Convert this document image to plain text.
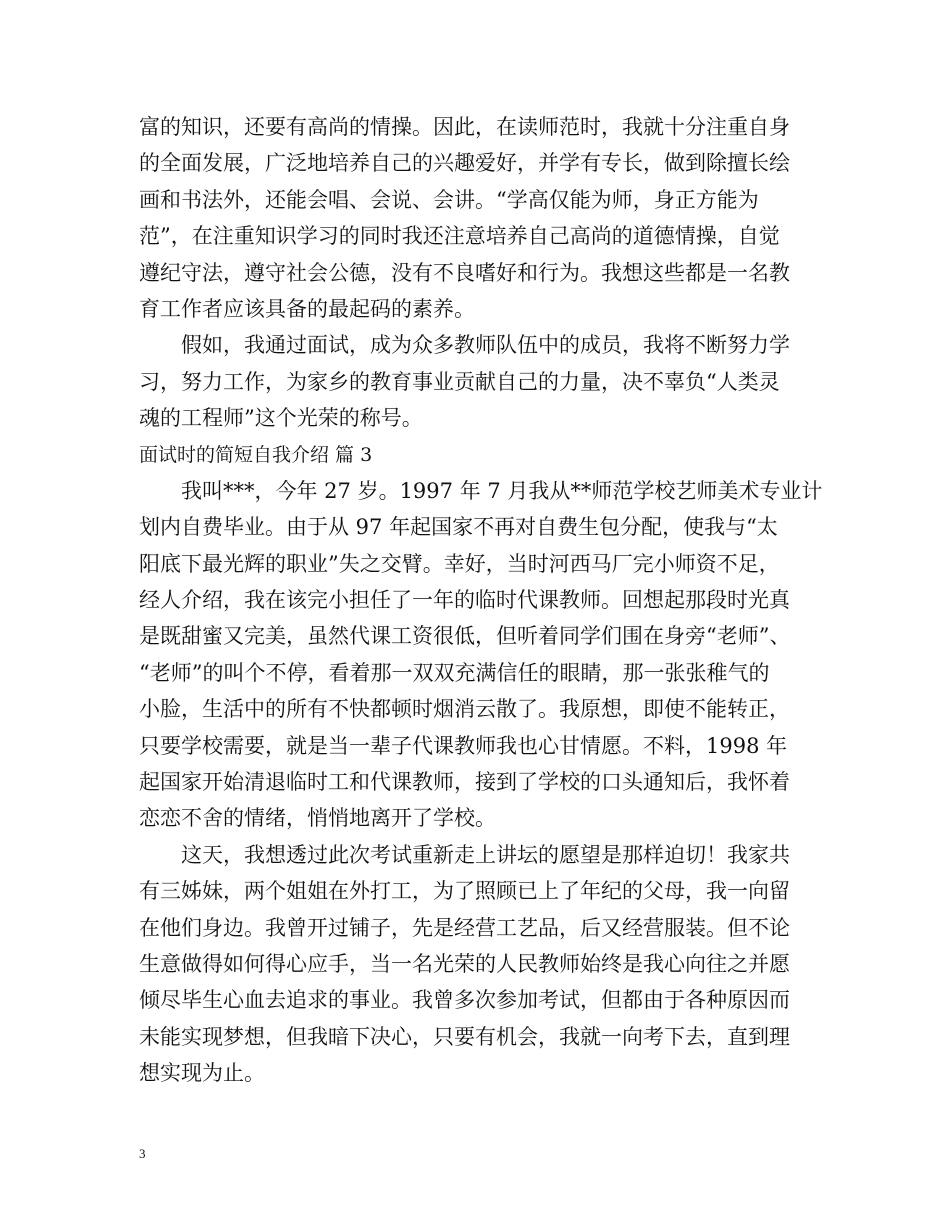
富的知识，还要有高尚的情操。因此，在读师范时，我就十分注重自身
的全面发展，广泛地培养自己的兴趣爱好，并学有专长，做到除擅长绘
画和书法外，还能会唱、会说、会讲。“学高仅能为师，身正方能为
范”，在注重知识学习的同时我还注意培养自己高尚的道德情操，自觉
遵纪守法，遵守社会公德，没有不良嗜好和行为。我想这些都是一名教
育工作者应该具备的最起码的素养。
假如，我通过面试，成为众多教师队伍中的成员，我将不断努力学
习，努力工作，为家乡的教育事业贡献自己的力量，决不辜负“人类灵
魂的工程师”这个光荣的称号。
面试时的简短自我介绍 篇 3
我叫***，今年 27 岁。1997 年 7 月我从**师范学校艺师美术专业计
划内自费毕业。由于从 97 年起国家不再对自费生包分配，使我与“太
阳底下最光辉的职业”失之交臂。幸好，当时河西马厂完小师资不足，
经人介绍，我在该完小担任了一年的临时代课教师。回想起那段时光真
是既甜蜜又完美，虽然代课工资很低，但听着同学们围在身旁“老师”、
“老师”的叫个不停，看着那一双双充满信任的眼睛，那一张张稚气的
小脸，生活中的所有不快都顿时烟消云散了。我原想，即使不能转正，
只要学校需要，就是当一辈子代课教师我也心甘情愿。不料，1998 年
起国家开始清退临时工和代课教师，接到了学校的口头通知后，我怀着
恋恋不舍的情绪，悄悄地离开了学校。
这天，我想透过此次考试重新走上讲坛的愿望是那样迫切！我家共
有三姊妹，两个姐姐在外打工，为了照顾已上了年纪的父母，我一向留
在他们身边。我曾开过铺子，先是经营工艺品，后又经营服装。但不论
生意做得如何得心应手，当一名光荣的人民教师始终是我心向往之并愿
倾尽毕生心血去追求的事业。我曾多次参加考试，但都由于各种原因而
未能实现梦想，但我暗下决心，只要有机会，我就一向考下去，直到理
想实现为止。
3
